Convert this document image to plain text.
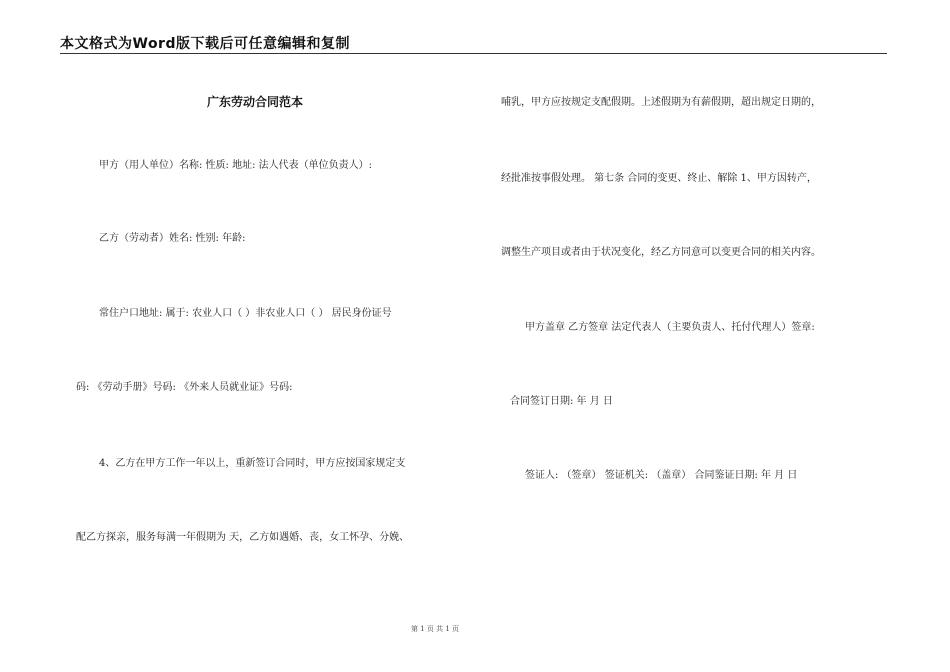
本文格式为Word版下载后可任意编辑和复制
广东劳动合同范本
甲方（用人单位）名称: 性质: 地址: 法人代表（单位负责人）:
乙方（劳动者）姓名: 性别: 年龄:
常住户口地址: 属于: 农业人口（ ）非农业人口（ ） 居民身份证号
码: 《劳动手册》号码: 《外来人员就业证》号码:
4、乙方在甲方工作一年以上，重新签订合同时，甲方应按国家规定支
配乙方探亲，服务每满一年假期为 天，乙方如遇婚、丧，女工怀孕、分娩、
哺乳，甲方应按规定支配假期。上述假期为有薪假期，超出规定日期的，
经批准按事假处理。 第七条 合同的变更、终止、解除 1、甲方因转产，
调整生产项目或者由于状况变化，经乙方同意可以变更合同的相关内容。
甲方盖章 乙方签章 法定代表人（主要负责人、托付代理人）签章:
合同签订日期: 年 月 日
签证人: （签章） 签证机关: （盖章） 合同鉴证日期: 年 月 日
第 1 页 共 1 页
